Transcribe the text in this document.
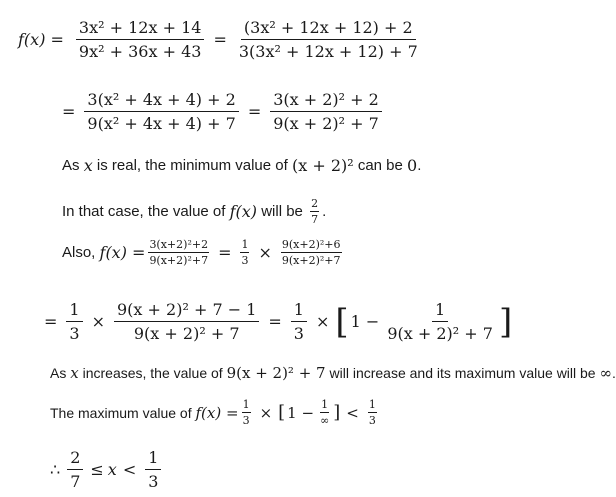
$f(x) = \frac{\text{3x² + 12x + 14}}{\text{9x² + 36x + 43}} = \frac{\text{(3x² + 12x + 12) + 2}}{\text{3(3x² + 12x + 12) + 7}}$
= $\frac{\text{3(x² + 4x + 4) + 2}}{\text{9(x² + 4x + 4) + 7}} = \frac{\text{3(x + 2)² + 2}}{\text{9(x + 2)² + 7}}$
As x is real, the minimum value of (x + 2)² can be 0 .
In that case, the value of f(x) will be $\frac{2}{7}$ .
Also, $f(x) = \frac{\text{3(x+2)²+2}}{\text{9(x+2)²+7}} = \frac{1}{3} \times \frac{\text{9(x+2)²+6}}{\text{9(x+2)²+7}}$
= $\frac{1}{3} \times \frac{\text{9(x + 2)² + 7 − 1}}{\text{9(x + 2)² + 7}} = \frac{1}{3}$ × [ $1 - \frac{1}{\text{9(x + 2)² + 7}}$ ]
As x increases, the value of 9(x + 2)² + 7 will increase and its maximum value will be ∞ .
The maximum value of $f(x) = \frac{1}{3}$ × [ $1 - \frac{1}{\infty}$ ] < $\frac{1}{3}$
∴ $\frac{2}{7} \le x < \frac{1}{3}$
